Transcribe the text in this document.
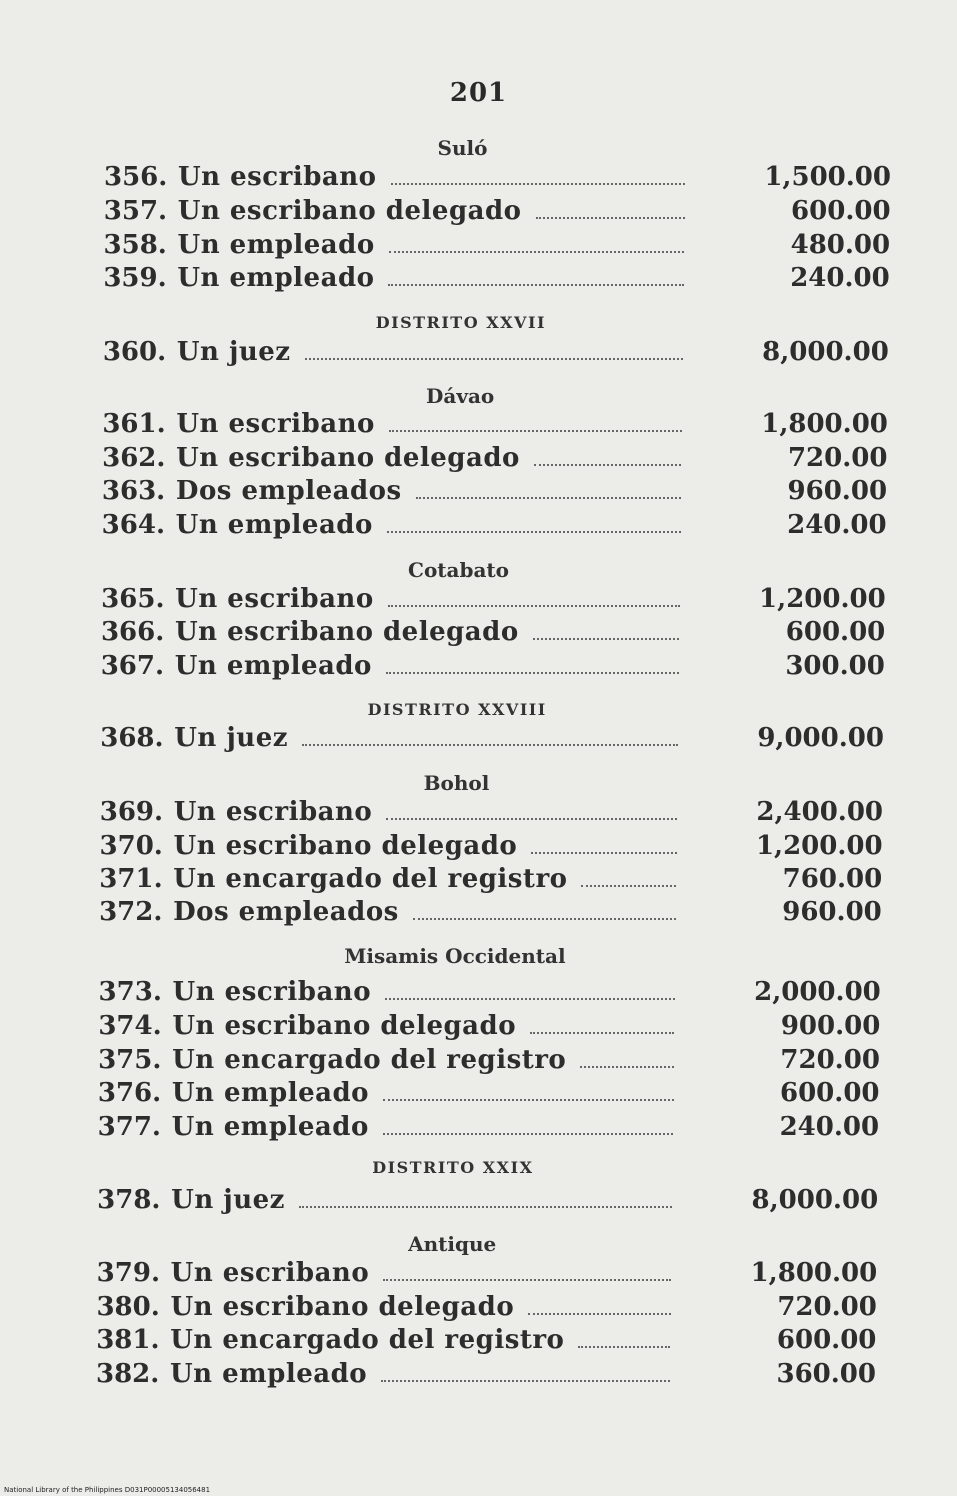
201
Suló
356. Un escribano	1,500.00
357. Un escribano delegado	600.00
358. Un empleado	480.00
359. Un empleado	240.00
DISTRITO XXVII
360. Un juez	8,000.00
Dávao
361. Un escribano	1,800.00
362. Un escribano delegado	720.00
363. Dos empleados	960.00
364. Un empleado	240.00
Cotabato
365. Un escribano	1,200.00
366. Un escribano delegado	600.00
367. Un empleado	300.00
DISTRITO XXVIII
368. Un juez	9,000.00
Bohol
369. Un escribano	2,400.00
370. Un escribano delegado	1,200.00
371. Un encargado del registro	760.00
372. Dos empleados	960.00
Misamis Occidental
373. Un escribano	2,000.00
374. Un escribano delegado	900.00
375. Un encargado del registro	720.00
376. Un empleado	600.00
377. Un empleado	240.00
DISTRITO XXIX
378. Un juez	8,000.00
Antique
379. Un escribano	1,800.00
380. Un escribano delegado	720.00
381. Un encargado del registro	600.00
382. Un empleado	360.00
National Library of the Philippines D031P00005134056481
